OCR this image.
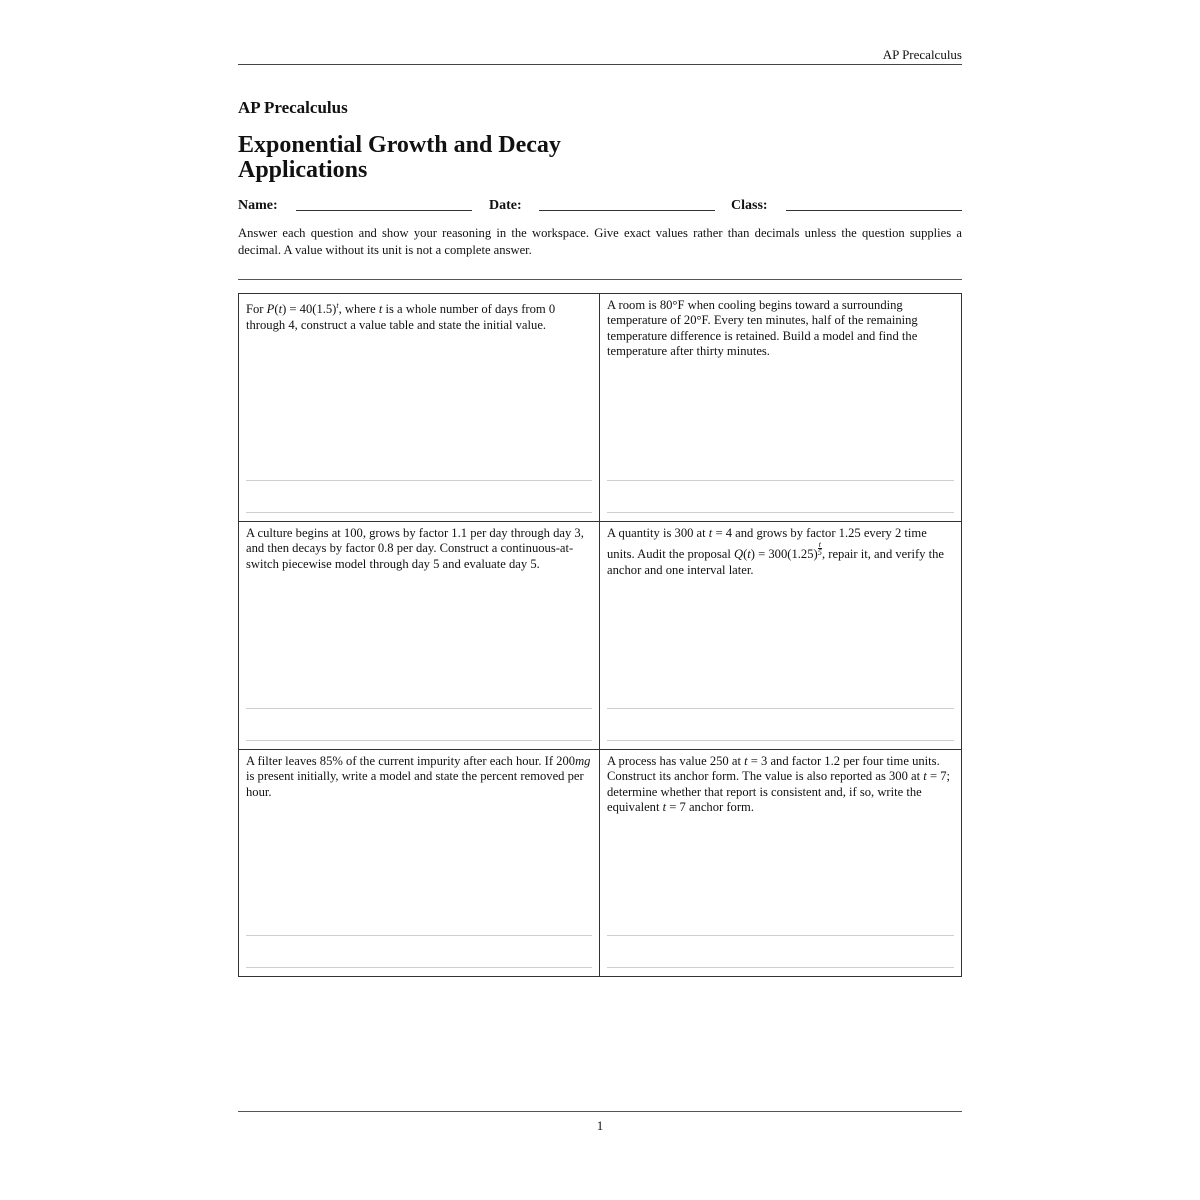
AP Precalculus
AP Precalculus
Exponential Growth and Decay Applications
Name:	Date:	Class:

Answer each question and show your reasoning in the workspace. Give exact values rather than decimals unless the question supplies a decimal. A value without its unit is not a complete answer.

For $P(t) = 40(1.5)^t$, where t is a whole number of days from 0 through 4, construct a value table and state the initial value.

A room is 80°F when cooling begins toward a surrounding temperature of 20°F. Every ten minutes, half of the remaining temperature difference is retained. Build a model and find the temperature after thirty minutes.

A culture begins at 100, grows by factor 1.1 per day through day 3, and then decays by factor 0.8 per day. Construct a continuous-at-switch piecewise model through day 5 and evaluate day 5.

A quantity is 300 at t = 4 and grows by factor 1.25 every 2 time units. Audit the proposal $Q(t) = 300(1.25) \frac{t}{5}$ , repair it, and verify the anchor and one interval later.

A filter leaves 85% of the current impurity after each hour. If 200mg is present initially, write a model and state the percent removed per hour.

A process has value 250 at t = 3 and factor 1.2 per four time units. Construct its anchor form. The value is also reported as 300 at t = 7; determine whether that report is consistent and, if so, write the equivalent t = 7 anchor form.

1
